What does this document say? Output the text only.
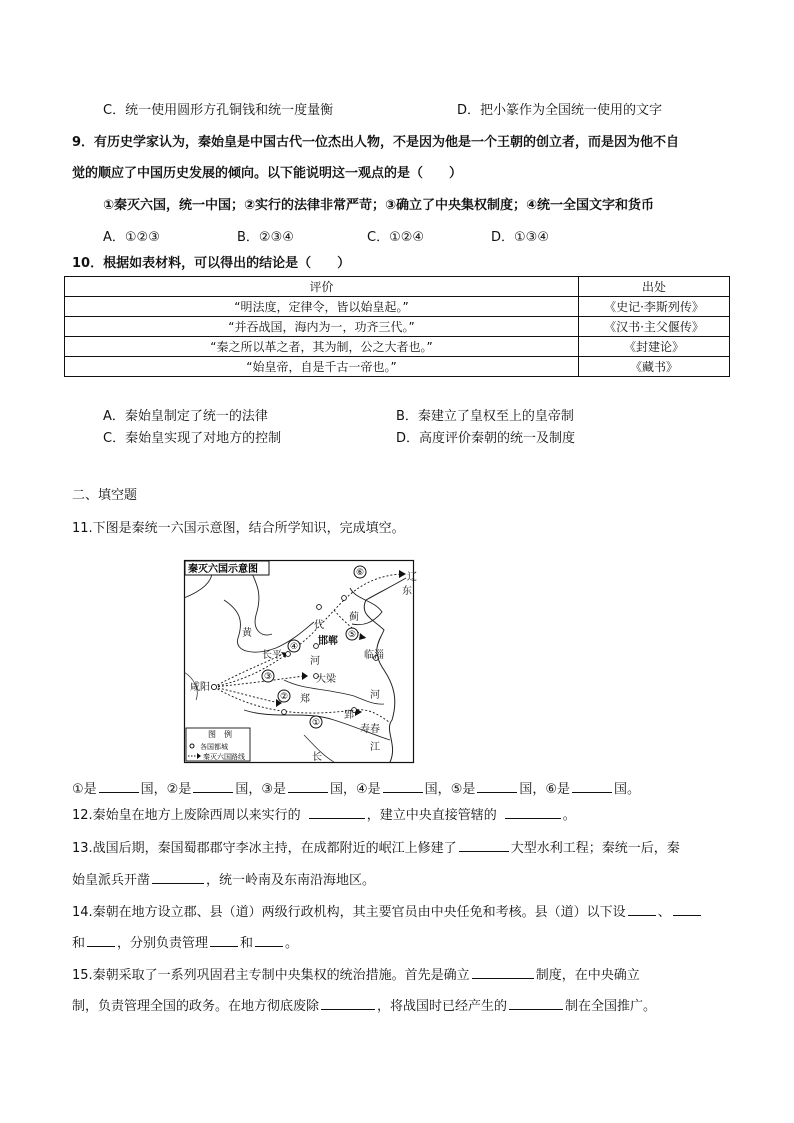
C．统一使用圆形方孔铜钱和统一度量衡	D．把小篆作为全国统一使用的文字
9．有历史学家认为，秦始皇是中国古代一位杰出人物，不是因为他是一个王朝的创立者，而是因为他不自
觉的顺应了中国历史发展的倾向。以下能说明这一观点的是（　　）
①秦灭六国，统一中国；②实行的法律非常严苛；③确立了中央集权制度；④统一全国文字和货币
A．①②③	B．②③④	C．①②④	D．①③④
10．根据如表材料，可以得出的结论是（　　）
评价	出处
“明法度，定律令，皆以始皇起。”	《史记·李斯列传》
“并吞战国，海内为一，功齐三代。”	《汉书·主父偃传》
“秦之所以革之者，其为制，公之大者也。”	《封建论》
“始皇帝，自是千古一帝也。”	《藏书》
A．秦始皇制定了统一的法律	B．秦建立了皇权至上的皇帝制
C．秦始皇实现了对地方的控制	D．高度评价秦朝的统一及制度
二、填空题
11.下图是秦统一六国示意图，结合所学知识，完成填空。
秦灭六国示意图
咸阳
长平
代
蓟
辽
东
邯郸
临淄
大梁
郑
郢
寿春
黄
河
河
江
长
①
②
③
④
⑤
⑥
图　例
各国都城
秦灭六国路线
①是	国，②是	国，③是	国，④是	国，⑤是	国，⑥是	国。
12.秦始皇在地方上废除西周以来实行的	，建立中央直接管辖的	。
13.战国后期，秦国蜀郡郡守李冰主持，在成都附近的岷江上修建了	大型水利工程；秦统一后，秦
始皇派兵开凿	，统一岭南及东南沿海地区。
14.秦朝在地方设立郡、县（道）两级行政机构，其主要官员由中央任免和考核。县（道）以下设 、
和 ，分别负责管理 和 。
15.秦朝采取了一系列巩固君主专制中央集权的统治措施。首先是确立	制度，在中央确立
制，负责管理全国的政务。在地方彻底废除	，将战国时已经产生的	制在全国推广。
